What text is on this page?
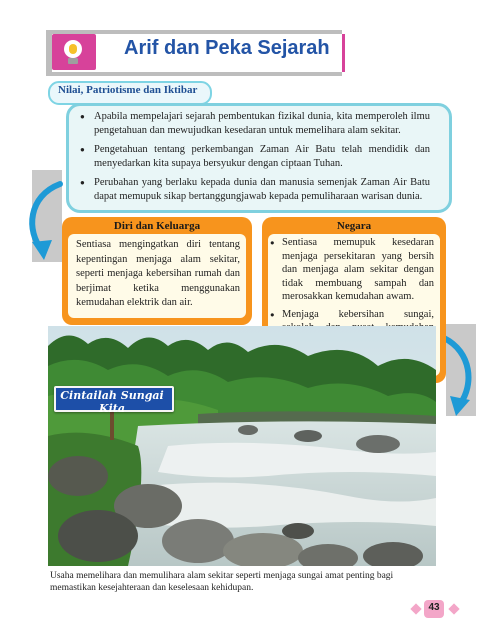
Arif dan Peka Sejarah
Nilai, Patriotisme dan Iktibar
● Apabila mempelajari sejarah pembentukan fizikal dunia, kita memperoleh ilmu pengetahuan dan mewujudkan kesedaran untuk memelihara alam sekitar.
● Pengetahuan tentang perkembangan Zaman Air Batu telah mendidik dan menyedarkan kita supaya bersyukur dengan ciptaan Tuhan.
● Perubahan yang berlaku kepada dunia dan manusia semenjak Zaman Air Batu dapat memupuk sikap bertanggungjawab kepada pemuliharaan warisan dunia.
Diri dan Keluarga
Sentiasa mengingatkan diri tentang kepentingan menjaga alam sekitar, seperti menjaga kebersihan rumah dan berjimat ketika menggunakan kemudahan elektrik dan air.
Negara
● Sentiasa memupuk kesedaran menjaga persekitaran yang bersih dan menjaga alam sekitar dengan tidak membuang sampah dan merosakkan kemudahan awam.
● Menjaga kebersihan sungai,
●
Cintailah Sungai Kita
Usaha memelihara dan memulihara alam sekitar seperti menjaga sungai amat penting bagi memastikan kesejahteraan dan keselesaan kehidupan.
43
